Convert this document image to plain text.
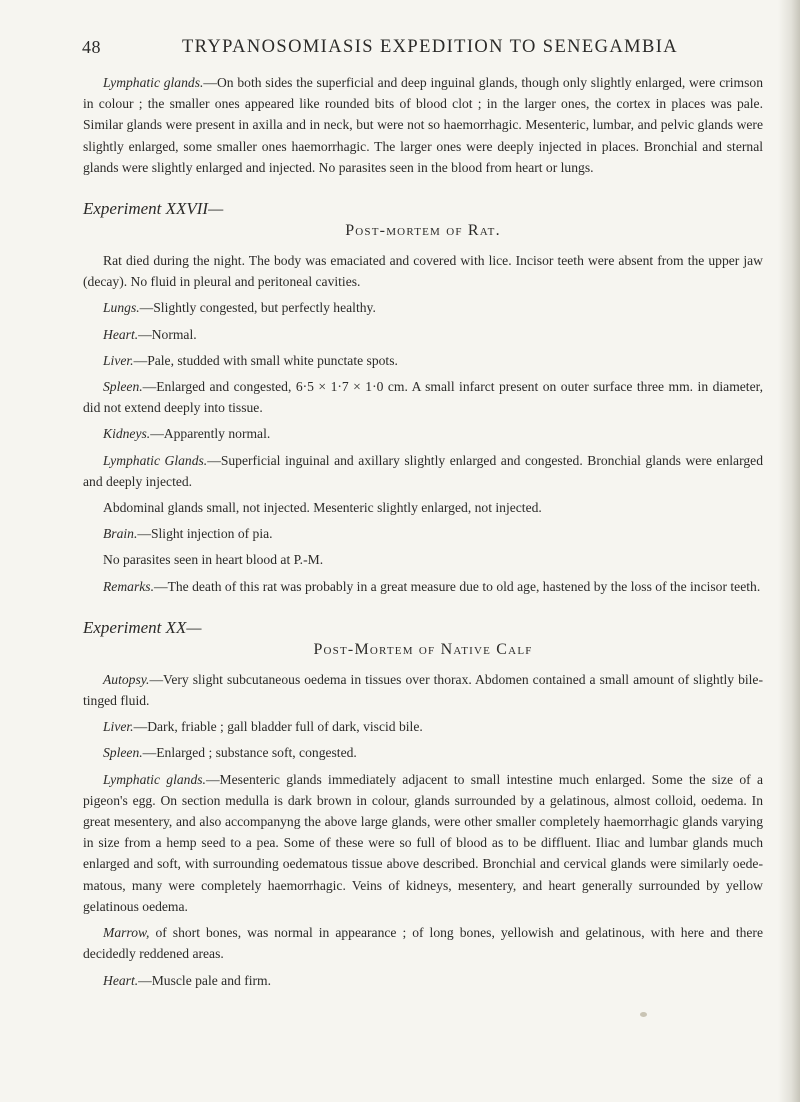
48	TRYPANOSOMIASIS EXPEDITION TO SENEGAMBIA

Lymphatic glands.—On both sides the superficial and deep inguinal glands, though only slightly enlarged, were crimson in colour ; the smaller ones appeared like rounded bits of blood clot ; in the larger ones, the cortex in places was pale. Similar glands were present in axilla and in neck, but were not so haemorrhagic. Mesenteric, lumbar, and pelvic glands were slightly enlarged, some smaller ones haemorrhagic. The larger ones were deeply injected in places. Bronchial and sternal glands were slightly enlarged and injected. No parasites seen in the blood from heart or lungs.

Experiment XXVII—
Post-mortem of Rat.

Rat died during the night. The body was emaciated and covered with lice. Incisor teeth were absent from the upper jaw (decay). No fluid in pleural and peritoneal cavities.

Lungs.—Slightly congested, but perfectly healthy.

Heart.—Normal.

Liver.—Pale, studded with small white punctate spots.

Spleen.—Enlarged and congested, 6·5 × 1·7 × 1·0 cm. A small infarct present on outer surface three mm. in diameter, did not extend deeply into tissue.

Kidneys.—Apparently normal.

Lymphatic Glands.—Superficial inguinal and axillary slightly enlarged and congested. Bronchial glands were enlarged and deeply injected.

Abdominal glands small, not injected. Mesenteric slightly enlarged, not injected.

Brain.—Slight injection of pia.

No parasites seen in heart blood at P.-M.

Remarks.—The death of this rat was probably in a great measure due to old age, hastened by the loss of the incisor teeth.

Experiment XX—
Post-Mortem of Native Calf

Autopsy.—Very slight subcutaneous oedema in tissues over thorax. Abdomen contained a small amount of slightly bile-tinged fluid.

Liver.—Dark, friable ; gall bladder full of dark, viscid bile.

Spleen.—Enlarged ; substance soft, congested.

Lymphatic glands.—Mesenteric glands immediately adjacent to small intestine much enlarged. Some the size of a pigeon's egg. On section medulla is dark brown in colour, glands surrounded by a gelatinous, almost colloid, oedema. In great mesentery, and also accompanyng the above large glands, were other smaller completely haemorrhagic glands varying in size from a hemp seed to a pea. Some of these were so full of blood as to be diffluent. Iliac and lumbar glands much enlarged and soft, with surrounding oedematous tissue above described. Bronchial and cervical glands were similarly oede-matous, many were completely haemorrhagic. Veins of kidneys, mesentery, and heart generally surrounded by yellow gelatinous oedema.

Marrow, of short bones, was normal in appearance ; of long bones, yellowish and gelatinous, with here and there decidedly reddened areas.

Heart.—Muscle pale and firm.
